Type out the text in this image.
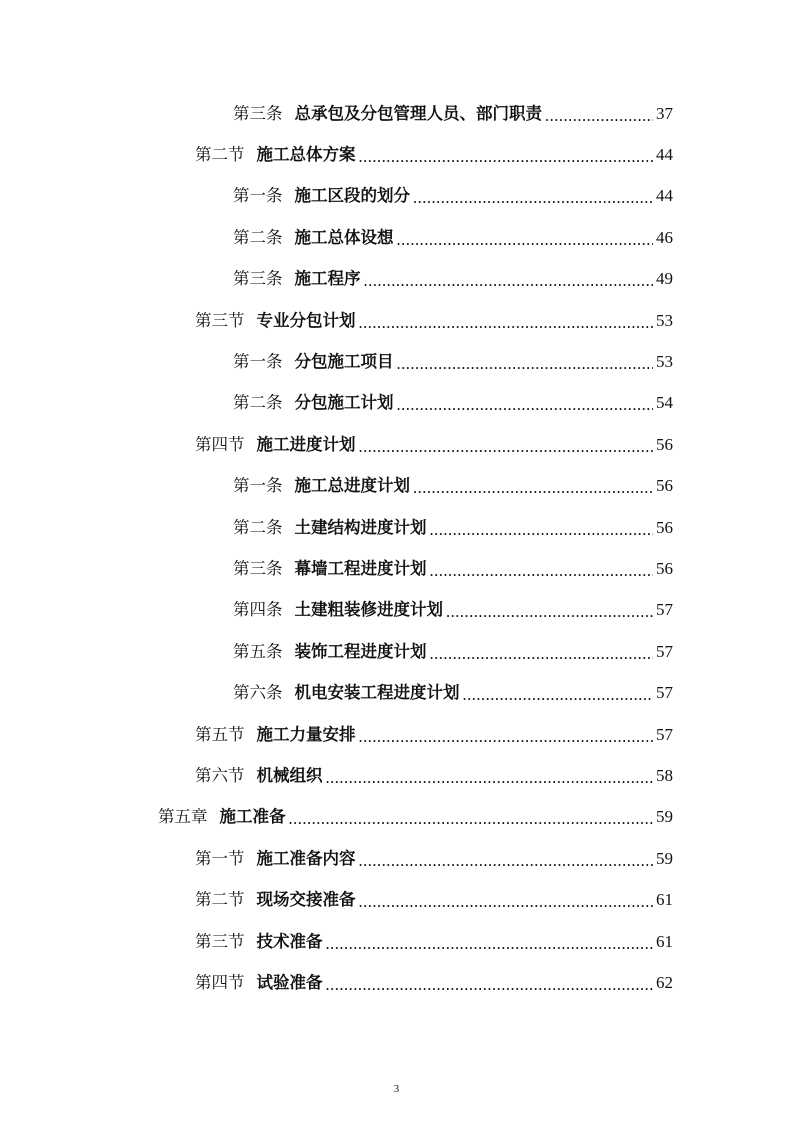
第三条 总承包及分包管理人员、部门职责 .....	37
第二节 施工总体方案 .....	44
第一条 施工区段的划分 .....	44
第二条 施工总体设想 .....	46
第三条 施工程序 .....	49
第三节 专业分包计划 .....	53
第一条 分包施工项目 .....	53
第二条 分包施工计划 .....	54
第四节 施工进度计划 .....	56
第一条 施工总进度计划 .....	56
第二条 土建结构进度计划 .....	56
第三条 幕墙工程进度计划 .....	56
第四条 土建粗装修进度计划 .....	57
第五条 装饰工程进度计划 .....	57
第六条 机电安装工程进度计划 .....	57
第五节 施工力量安排 .....	57
第六节 机械组织 .....	58
第五章 施工准备 .....	59
第一节 施工准备内容 .....	59
第二节 现场交接准备 .....	61
第三节 技术准备 .....	61
第四节 试验准备 .....	62
3
